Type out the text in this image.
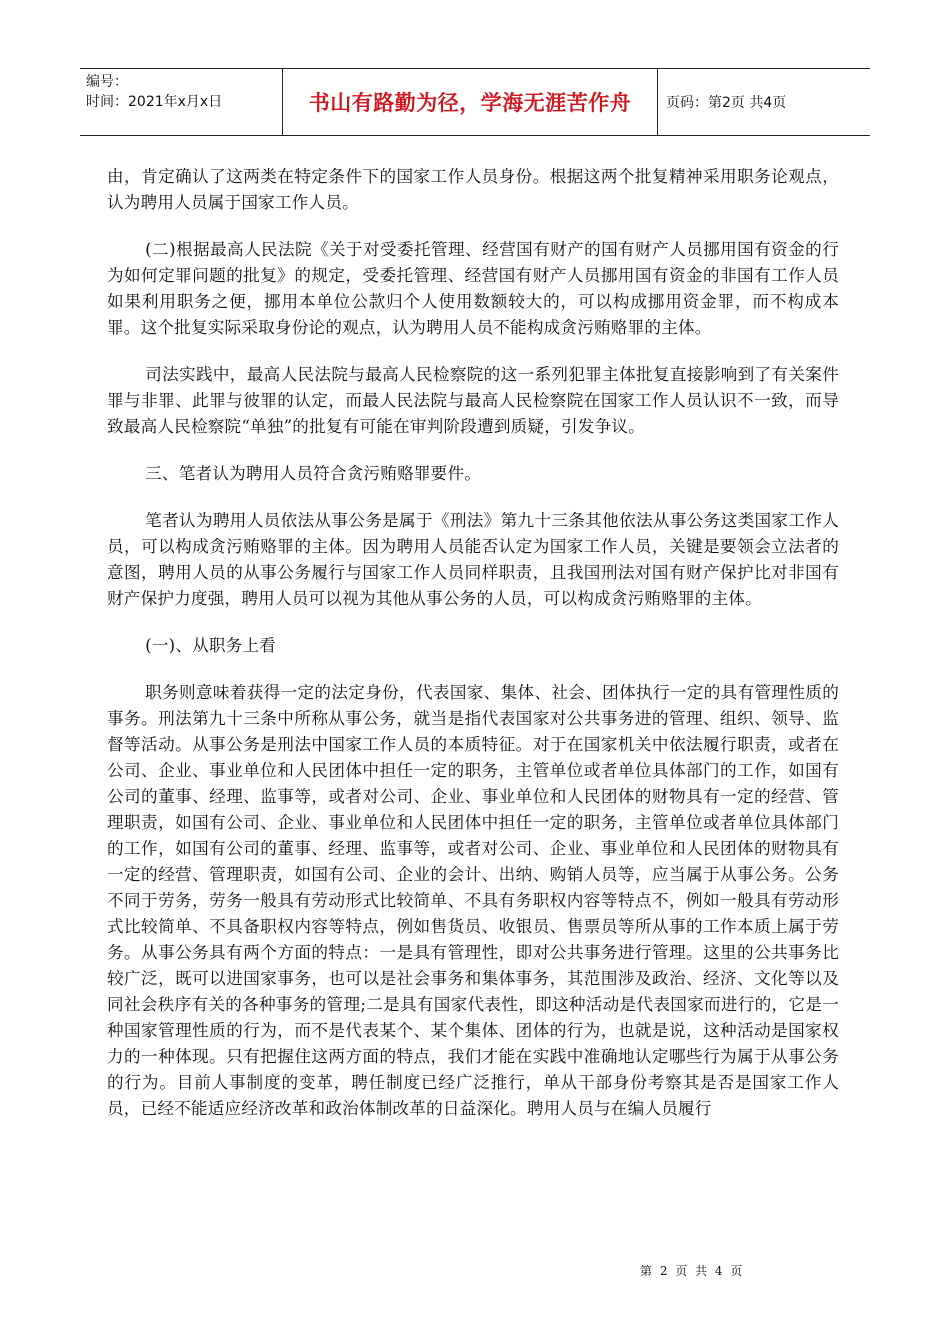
编号：
时间：2021年x月x日	书山有路勤为径，学海无涯苦作舟	页码：第2页 共4页

由，肯定确认了这两类在特定条件下的国家工作人员身份。根据这两个批复精神采用职务论观点，认为聘用人员属于国家工作人员。

(二)根据最高人民法院《关于对受委托管理、经营国有财产的国有财产人员挪用国有资金的行为如何定罪问题的批复》的规定，受委托管理、经营国有财产人员挪用国有资金的非国有工作人员如果利用职务之便，挪用本单位公款归个人使用数额较大的，可以构成挪用资金罪，而不构成本罪。这个批复实际采取身份论的观点，认为聘用人员不能构成贪污贿赂罪的主体。

司法实践中，最高人民法院与最高人民检察院的这一系列犯罪主体批复直接影响到了有关案件罪与非罪、此罪与彼罪的认定，而最人民法院与最高人民检察院在国家工作人员认识不一致，而导致最高人民检察院“单独”的批复有可能在审判阶段遭到质疑，引发争议。

三、笔者认为聘用人员符合贪污贿赂罪要件。

笔者认为聘用人员依法从事公务是属于《刑法》第九十三条其他依法从事公务这类国家工作人员，可以构成贪污贿赂罪的主体。因为聘用人员能否认定为国家工作人员，关键是要领会立法者的意图，聘用人员的从事公务履行与国家工作人员同样职责，且我国刑法对国有财产保护比对非国有财产保护力度强，聘用人员可以视为其他从事公务的人员，可以构成贪污贿赂罪的主体。

(一)、从职务上看

职务则意味着获得一定的法定身份，代表国家、集体、社会、团体执行一定的具有管理性质的事务。刑法第九十三条中所称从事公务，就当是指代表国家对公共事务进的管理、组织、领导、监督等活动。从事公务是刑法中国家工作人员的本质特征。对于在国家机关中依法履行职责，或者在公司、企业、事业单位和人民团体中担任一定的职务，主管单位或者单位具体部门的工作，如国有公司的董事、经理、监事等，或者对公司、企业、事业单位和人民团体的财物具有一定的经营、管理职责，如国有公司、企业、事业单位和人民团体中担任一定的职务，主管单位或者单位具体部门的工作，如国有公司的董事、经理、监事等，或者对公司、企业、事业单位和人民团体的财物具有一定的经营、管理职责，如国有公司、企业的会计、出纳、购销人员等，应当属于从事公务。公务不同于劳务，劳务一般具有劳动形式比较简单、不具有务职权内容等特点不，例如一般具有劳动形式比较简单、不具备职权内容等特点，例如售货员、收银员、售票员等所从事的工作本质上属于劳务。从事公务具有两个方面的特点：一是具有管理性，即对公共事务进行管理。这里的公共事务比较广泛，既可以进国家事务，也可以是社会事务和集体事务，其范围涉及政治、经济、文化等以及同社会秩序有关的各种事务的管理;二是具有国家代表性，即这种活动是代表国家而进行的，它是一种国家管理性质的行为，而不是代表某个、某个集体、团体的行为，也就是说，这种活动是国家权力的一种体现。只有把握住这两方面的特点，我们才能在实践中准确地认定哪些行为属于从事公务的行为。目前人事制度的变革，聘任制度已经广泛推行，单从干部身份考察其是否是国家工作人员，已经不能适应经济改革和政治体制改革的日益深化。聘用人员与在编人员履行

第 2 页 共 4 页
